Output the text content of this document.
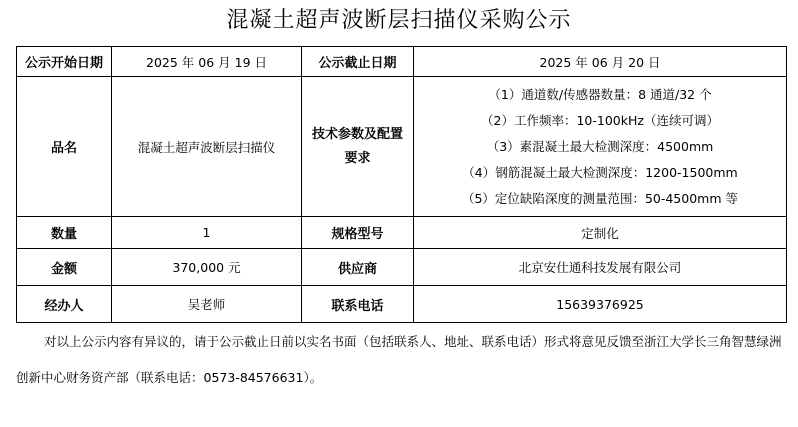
混凝土超声波断层扫描仪采购公示
公示开始日期	2025 年 06 月 19 日	公示截止日期	2025 年 06 月 20 日
品名	混凝土超声波断层扫描仪	技术参数及配置要求	（1）通道数/传感器数量：8 通道/32 个
（2）工作频率：10-100kHz（连续可调）
（3）素混凝土最大检测深度：4500mm
（4）钢筋混凝土最大检测深度：1200-1500mm
（5）定位缺陷深度的测量范围：50-4500mm 等

数量	1	规格型号	定制化
金额	370,000 元	供应商	北京安仕通科技发展有限公司
经办人	吴老师	联系电话	15639376925
对以上公示内容有异议的，请于公示截止日前以实名书面（包括联系人、地址、联系电话）形式将意见反馈至浙江大学长三角智慧绿洲创新中心财务资产部（联系电话：0573-84576631）。
